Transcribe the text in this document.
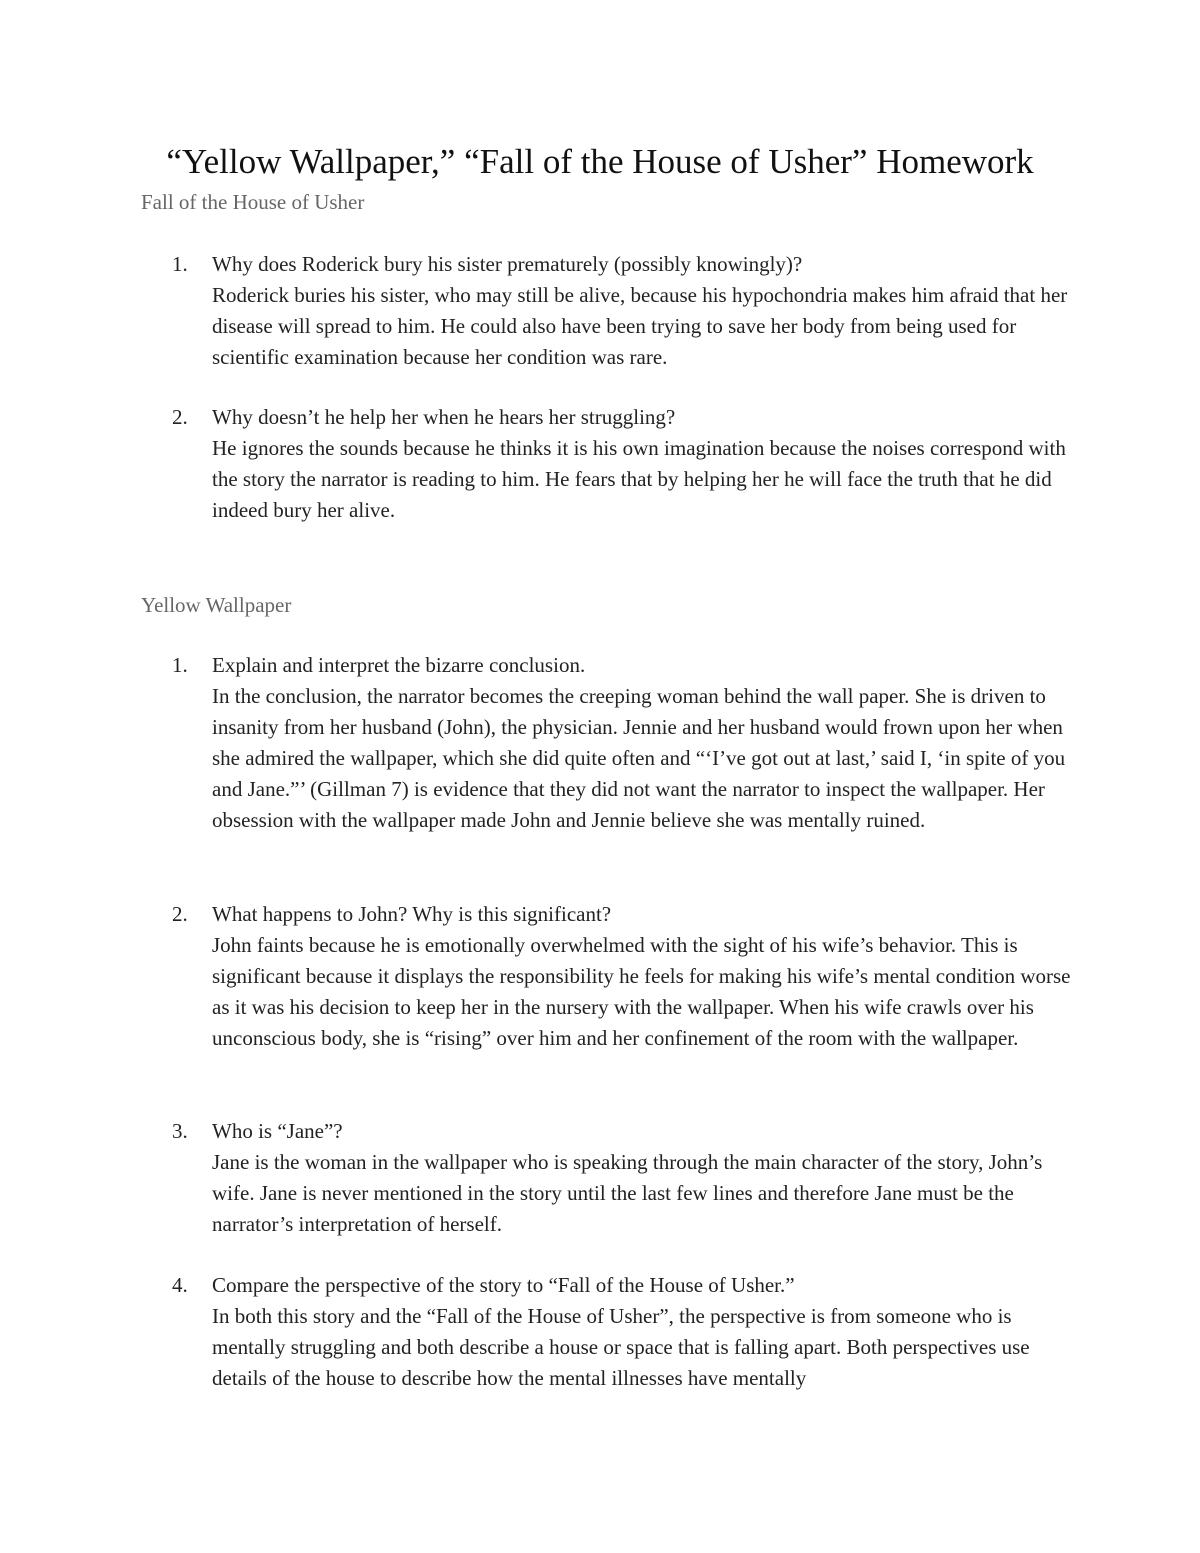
“Yellow Wallpaper,” “Fall of the House of Usher” Homework
Fall of the House of Usher
1. Why does Roderick bury his sister prematurely (possibly knowingly)?
Roderick buries his sister, who may still be alive, because his hypochondria makes him afraid that her disease will spread to him. He could also have been trying to save her body from being used for scientific examination because her condition was rare.
2. Why doesn’t he help her when he hears her struggling?
He ignores the sounds because he thinks it is his own imagination because the noises correspond with the story the narrator is reading to him. He fears that by helping her he will face the truth that he did indeed bury her alive.
Yellow Wallpaper
1. Explain and interpret the bizarre conclusion.
In the conclusion, the narrator becomes the creeping woman behind the wall paper. She is driven to insanity from her husband (John), the physician. Jennie and her husband would frown upon her when she admired the wallpaper, which she did quite often and “‘I’ve got out at last,’ said I, ‘in spite of you and Jane.”’ (Gillman 7) is evidence that they did not want the narrator to inspect the wallpaper. Her obsession with the wallpaper made John and Jennie believe she was mentally ruined.
2. What happens to John? Why is this significant?
John faints because he is emotionally overwhelmed with the sight of his wife’s behavior. This is significant because it displays the responsibility he feels for making his wife’s mental condition worse as it was his decision to keep her in the nursery with the wallpaper. When his wife crawls over his unconscious body, she is “rising” over him and her confinement of the room with the wallpaper.
3. Who is “Jane”?
Jane is the woman in the wallpaper who is speaking through the main character of the story, John’s wife. Jane is never mentioned in the story until the last few lines and therefore Jane must be the narrator’s interpretation of herself.
4. Compare the perspective of the story to “Fall of the House of Usher.”
In both this story and the “Fall of the House of Usher”, the perspective is from someone who is mentally struggling and both describe a house or space that is falling apart. Both perspectives use details of the house to describe how the mental illnesses have mentally
